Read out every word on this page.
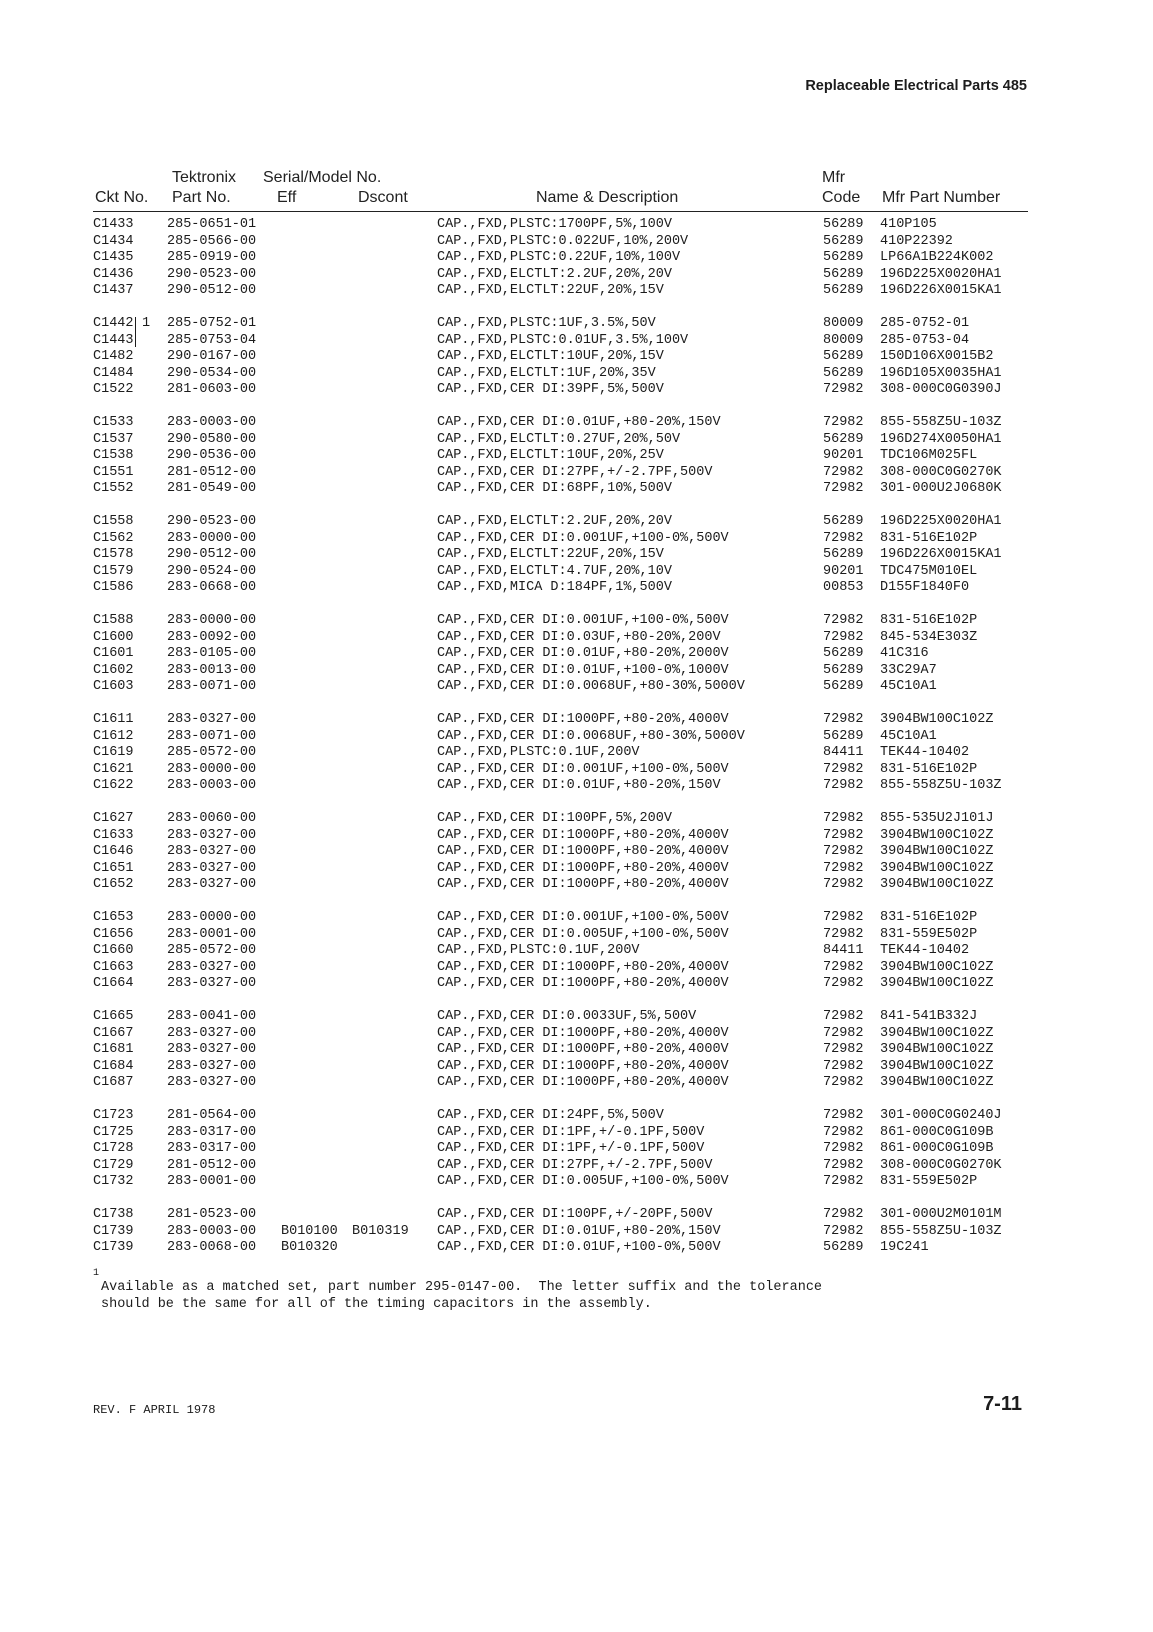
Replaceable Electrical Parts 485
Ckt No.
Tektronix
Part No.
Serial/Model No.
Eff	Dscont	Name & Description
Mfr
Code Mfr Part Number
C1433 285-0651-01	CAP.,FXD,PLSTC:1700PF,5%,100V	56289 410P105
C1434 285-0566-00	CAP.,FXD,PLSTC:0.022UF,10%,200V	56289 410P22392
C1435 285-0919-00	CAP.,FXD,PLSTC:0.22UF,10%,100V	56289 LP66A1B224K002
C1436 290-0523-00	CAP.,FXD,ELCTLT:2.2UF,20%,20V	56289 196D225X0020HA1
C1437 290-0512-00	CAP.,FXD,ELCTLT:22UF,20%,15V	56289 196D226X0015KA1
C1442 285-0752-01	CAP.,FXD,PLSTC:1UF,3.5%,50V	80009 285-0752-01
1
C1443 285-0753-04	CAP.,FXD,PLSTC:0.01UF,3.5%,100V	80009 285-0753-04
C1482 290-0167-00	CAP.,FXD,ELCTLT:10UF,20%,15V	56289 150D106X0015B2
C1484 290-0534-00	CAP.,FXD,ELCTLT:1UF,20%,35V	56289 196D105X0035HA1
C1522 281-0603-00	CAP.,FXD,CER DI:39PF,5%,500V	72982 308-000C0G0390J
C1533 283-0003-00	CAP.,FXD,CER DI:0.01UF,+80-20%,150V	72982 855-558Z5U-103Z
C1537 290-0580-00	CAP.,FXD,ELCTLT:0.27UF,20%,50V	56289 196D274X0050HA1
C1538 290-0536-00	CAP.,FXD,ELCTLT:10UF,20%,25V	90201 TDC106M025FL
C1551 281-0512-00	CAP.,FXD,CER DI:27PF,+/-2.7PF,500V	72982 308-000C0G0270K
C1552 281-0549-00	CAP.,FXD,CER DI:68PF,10%,500V	72982 301-000U2J0680K
C1558 290-0523-00	CAP.,FXD,ELCTLT:2.2UF,20%,20V	56289 196D225X0020HA1
C1562 283-0000-00	CAP.,FXD,CER DI:0.001UF,+100-0%,500V	72982 831-516E102P
C1578 290-0512-00	CAP.,FXD,ELCTLT:22UF,20%,15V	56289 196D226X0015KA1
C1579 290-0524-00	CAP.,FXD,ELCTLT:4.7UF,20%,10V	90201 TDC475M010EL
C1586 283-0668-00	CAP.,FXD,MICA D:184PF,1%,500V	00853 D155F1840F0
C1588 283-0000-00	CAP.,FXD,CER DI:0.001UF,+100-0%,500V	72982 831-516E102P
C1600 283-0092-00	CAP.,FXD,CER DI:0.03UF,+80-20%,200V	72982 845-534E303Z
C1601 283-0105-00	CAP.,FXD,CER DI:0.01UF,+80-20%,2000V	56289 41C316
C1602 283-0013-00	CAP.,FXD,CER DI:0.01UF,+100-0%,1000V	56289 33C29A7
C1603 283-0071-00	CAP.,FXD,CER DI:0.0068UF,+80-30%,5000V	56289 45C10A1
C1611 283-0327-00	CAP.,FXD,CER DI:1000PF,+80-20%,4000V	72982 3904BW100C102Z
C1612 283-0071-00	CAP.,FXD,CER DI:0.0068UF,+80-30%,5000V	56289 45C10A1
C1619 285-0572-00	CAP.,FXD,PLSTC:0.1UF,200V	84411 TEK44-10402
C1621 283-0000-00	CAP.,FXD,CER DI:0.001UF,+100-0%,500V	72982 831-516E102P
C1622 283-0003-00	CAP.,FXD,CER DI:0.01UF,+80-20%,150V	72982 855-558Z5U-103Z
C1627 283-0060-00	CAP.,FXD,CER DI:100PF,5%,200V	72982 855-535U2J101J
C1633 283-0327-00	CAP.,FXD,CER DI:1000PF,+80-20%,4000V	72982 3904BW100C102Z
C1646 283-0327-00	CAP.,FXD,CER DI:1000PF,+80-20%,4000V	72982 3904BW100C102Z
C1651 283-0327-00	CAP.,FXD,CER DI:1000PF,+80-20%,4000V	72982 3904BW100C102Z
C1652 283-0327-00	CAP.,FXD,CER DI:1000PF,+80-20%,4000V	72982 3904BW100C102Z
C1653 283-0000-00	CAP.,FXD,CER DI:0.001UF,+100-0%,500V	72982 831-516E102P
C1656 283-0001-00	CAP.,FXD,CER DI:0.005UF,+100-0%,500V	72982 831-559E502P
C1660 285-0572-00	CAP.,FXD,PLSTC:0.1UF,200V	84411 TEK44-10402
C1663 283-0327-00	CAP.,FXD,CER DI:1000PF,+80-20%,4000V	72982 3904BW100C102Z
C1664 283-0327-00	CAP.,FXD,CER DI:1000PF,+80-20%,4000V	72982 3904BW100C102Z
C1665 283-0041-00	CAP.,FXD,CER DI:0.0033UF,5%,500V	72982 841-541B332J
C1667 283-0327-00	CAP.,FXD,CER DI:1000PF,+80-20%,4000V	72982 3904BW100C102Z
C1681 283-0327-00	CAP.,FXD,CER DI:1000PF,+80-20%,4000V	72982 3904BW100C102Z
C1684 283-0327-00	CAP.,FXD,CER DI:1000PF,+80-20%,4000V	72982 3904BW100C102Z
C1687 283-0327-00	CAP.,FXD,CER DI:1000PF,+80-20%,4000V	72982 3904BW100C102Z
C1723 281-0564-00	CAP.,FXD,CER DI:24PF,5%,500V	72982 301-000C0G0240J
C1725 283-0317-00	CAP.,FXD,CER DI:1PF,+/-0.1PF,500V	72982 861-000C0G109B
C1728 283-0317-00	CAP.,FXD,CER DI:1PF,+/-0.1PF,500V	72982 861-000C0G109B
C1729 281-0512-00	CAP.,FXD,CER DI:27PF,+/-2.7PF,500V	72982 308-000C0G0270K
C1732 283-0001-00	CAP.,FXD,CER DI:0.005UF,+100-0%,500V	72982 831-559E502P
C1738 281-0523-00	CAP.,FXD,CER DI:100PF,+/-20PF,500V	72982 301-000U2M0101M
C1739 283-0003-00 B010100 B010319 CAP.,FXD,CER DI:0.01UF,+80-20%,150V	72982 855-558Z5U-103Z
C1739 283-0068-00 B010320	CAP.,FXD,CER DI:0.01UF,+100-0%,500V	56289 19C241
1
Available as a matched set, part number 295-0147-00.  The letter suffix and the tolerance
should be the same for all of the timing capacitors in the assembly.
REV. F APRIL 1978	7-11
